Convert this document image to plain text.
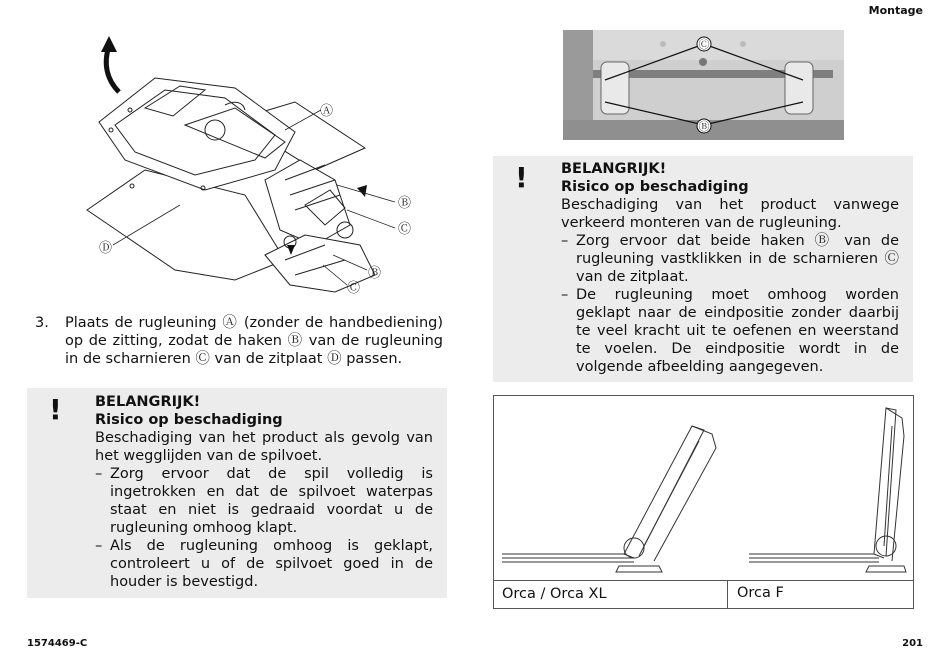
Montage
Ⓐ
Ⓑ
Ⓒ
Ⓑ
Ⓒ
Ⓓ
3. Plaats de rugleuning Ⓐ (zonder de handbediening) op de zitting, zodat de haken Ⓑ van de rugleuning in de scharnieren Ⓒ van de zitplaat Ⓓ passen.
! BELANGRIJK!
Risico op beschadiging
Beschadiging van het product als gevolg van het wegglijden van de spilvoet.
– Zorg ervoor dat de spil volledig is ingetrokken en dat de spilvoet waterpas staat en niet is gedraaid voordat u de rugleuning omhoog klapt.
– Als de rugleuning omhoog is geklapt, controleert u of de spilvoet goed in de houder is bevestigd.
Ⓒ
Ⓑ
! BELANGRIJK!
Risico op beschadiging
Beschadiging van het product vanwege verkeerd monteren van de rugleuning.
– Zorg ervoor dat beide haken Ⓑ van de rugleuning vastklikken in de scharnieren Ⓒ van de zitplaat.
– De rugleuning moet omhoog worden geklapt naar de eindpositie zonder daarbij te veel kracht uit te oefenen en weerstand te voelen. De eindpositie wordt in de volgende afbeelding aangegeven.
Orca / Orca XL	Orca F
1574469-C	201
